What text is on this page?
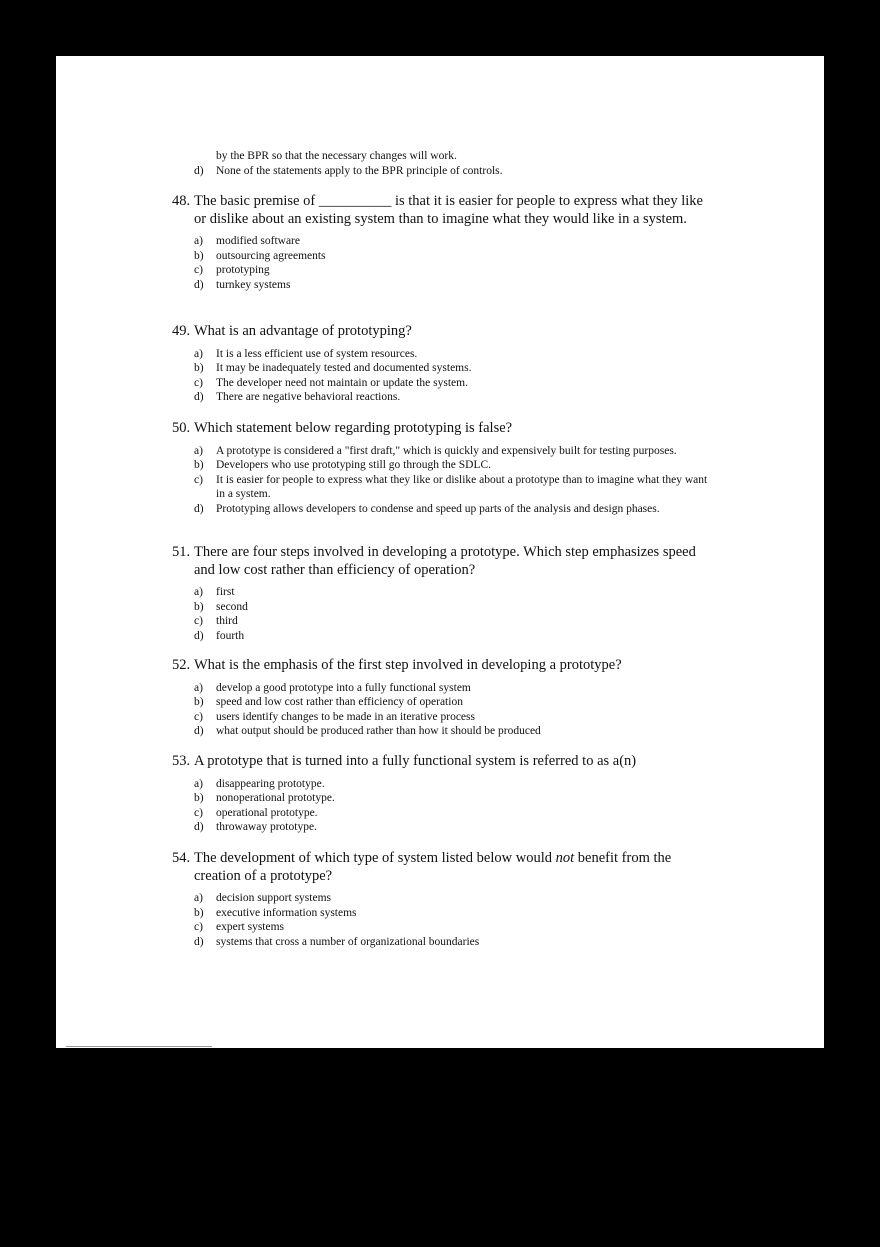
by the BPR so that the necessary changes will work.
d) None of the statements apply to the BPR principle of controls.
48. The basic premise of __________ is that it is easier for people to express what they like or dislike about an existing system than to imagine what they would like in a system.
a) modified software
b) outsourcing agreements
c) prototyping
d) turnkey systems
49. What is an advantage of prototyping?
a) It is a less efficient use of system resources.
b) It may be inadequately tested and documented systems.
c) The developer need not maintain or update the system.
d) There are negative behavioral reactions.
50. Which statement below regarding prototyping is false?
a) A prototype is considered a "first draft," which is quickly and expensively built for testing purposes.
b) Developers who use prototyping still go through the SDLC.
c) It is easier for people to express what they like or dislike about a prototype than to imagine what they want in a system.
d) Prototyping allows developers to condense and speed up parts of the analysis and design phases.
51. There are four steps involved in developing a prototype. Which step emphasizes speed and low cost rather than efficiency of operation?
a) first
b) second
c) third
d) fourth
52. What is the emphasis of the first step involved in developing a prototype?
a) develop a good prototype into a fully functional system
b) speed and low cost rather than efficiency of operation
c) users identify changes to be made in an iterative process
d) what output should be produced rather than how it should be produced
53. A prototype that is turned into a fully functional system is referred to as a(n)
a) disappearing prototype.
b) nonoperational prototype.
c) operational prototype.
d) throwaway prototype.
54. The development of which type of system listed below would not benefit from the creation of a prototype?
a) decision support systems
b) executive information systems
c) expert systems
d) systems that cross a number of organizational boundaries
